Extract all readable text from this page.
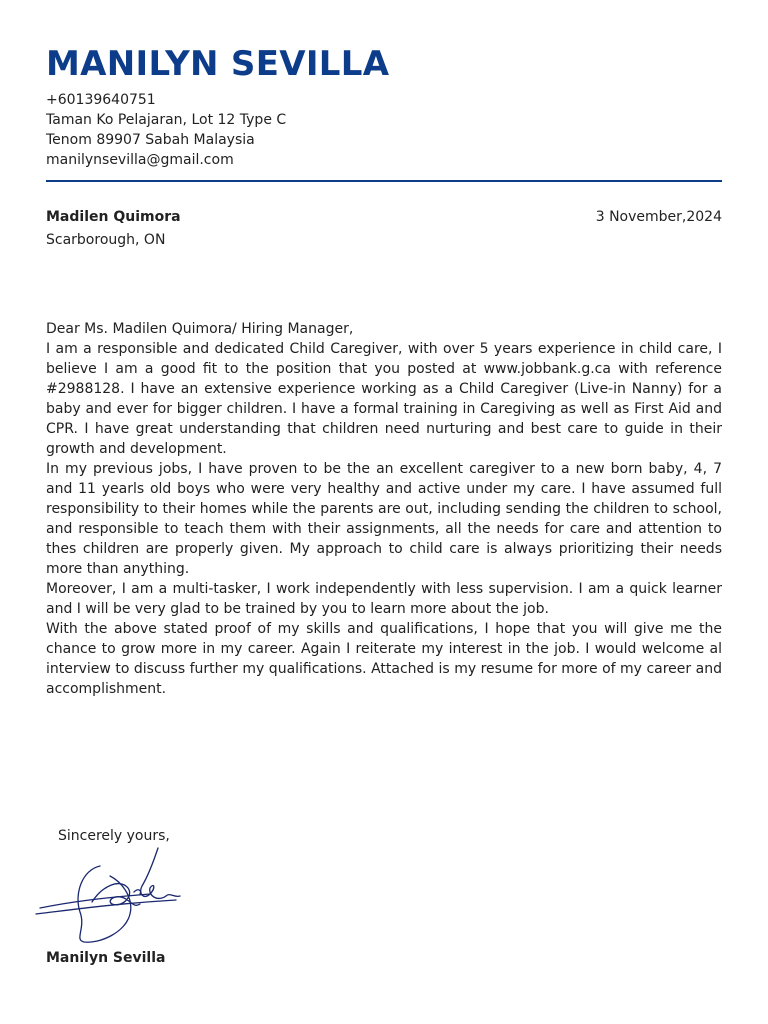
MANILYN SEVILLA
+60139640751
Taman Ko Pelajaran, Lot 12 Type C
Tenom 89907 Sabah Malaysia
manilynsevilla@gmail.com
Madilen Quimora
Scarborough, ON
3 November,2024

Dear Ms. Madilen Quimora/ Hiring Manager,

I am a responsible and dedicated Child Caregiver, with over 5 years experience in child care, I believe I am a good fit to the position that you posted at www.jobbank.g.ca with reference #2988128. I have an extensive experience working as a Child Caregiver (Live-in Nanny) for a baby and ever for bigger children. I have a formal training in Caregiving as well as First Aid and CPR. I have great understanding that children need nurturing and best care to guide in their growth and development.

In my previous jobs, I have proven to be the an excellent caregiver to a new born baby, 4, 7 and 11 yearls old boys who were very healthy and active under my care. I have assumed full responsibility to their homes while the parents are out, including sending the children to school, and responsible to teach them with their assignments, all the needs for care and attention to thes children are properly given. My approach to child care is always prioritizing their needs more than anything.

Moreover, I am a multi-tasker, I work independently with less supervision. I am a quick learner and I will be very glad to be trained by you to learn more about the job.

With the above stated proof of my skills and qualifications, I hope that you will give me the chance to grow more in my career. Again I reiterate my interest in the job. I would welcome al interview to discuss further my qualifications. Attached is my resume for more of my career and accomplishment.

Sincerely yours,
Manilyn Sevilla
